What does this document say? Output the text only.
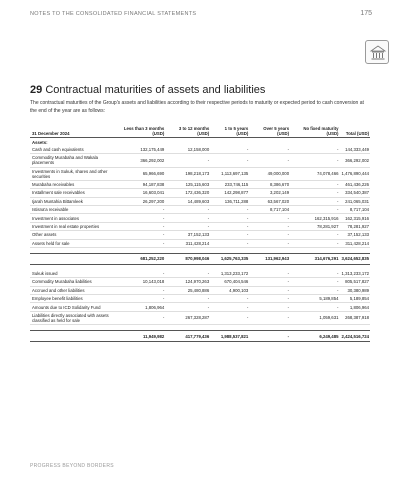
NOTES TO THE CONSOLIDATED FINANCIAL STATEMENTS	175
29 Contractual maturities of assets and liabilities
The contractual maturities of the Group's assets and liabilities according to their respective periods to maturity or expected period to cash conversion at the end of the year are as follows:
31 December 2024	Less than 3 months (USD)	3 to 12 months (USD)	1 to 5 years (USD)	Over 5 years (USD)	No fixed maturity (USD)	Total (USD)
Assets:						
Cash and cash equivalents	132,175,449	12,158,000	-	-	-	144,333,449
Commodity Murabaha and Wakala placements	366,292,002	-	-	-	-	366,292,002
Investments in Sukuk, shares and other securities	65,966,690	198,218,173	1,113,697,135	49,000,000	74,078,466	1,476,890,444
Murabaha receivables	94,187,838	125,115,603	233,746,115	8,386,670	-	461,436,226
Installment sale receivables	16,603,041	172,436,320	142,298,877	3,202,149	-	334,540,387
Ijarah Muntahia Bittamleek	26,297,200	14,489,603	136,711,288	63,567,020	-	241,065,031
Istisna'a receivable	-	-	-	8,717,104	-	8,717,104
Investment in associates	-	-	-	-	162,315,916	162,315,916
Investment in real estate properties	-	-	-	-	78,281,927	78,281,927
Other assets	-	37,152,133	-	-	-	37,152,133
Assets held for sale	-	311,428,214	-	-	-	311,428,214

	681,252,220	870,998,046	1,625,763,335	131,962,943	314,676,291	3,624,652,835

Sukuk issued	-	-	1,313,233,172	-	-	1,313,233,172
Commodity Murabaha liabilities	10,143,018	124,970,263	670,404,546	-	-	805,517,827
Accrued and other liabilities	-	25,480,886	4,900,103	-	-	30,380,989
Employee benefit liabilities	-	-	-	-	5,189,854	5,189,854
Amounts due to ICD Solidarity Fund	1,806,964	-	-	-	-	1,806,964
Liabilities directly associated with assets classified as held for sale	-	267,328,287	-	-	1,059,631	268,387,918

	11,949,982	417,779,436	1,988,537,821	-	6,249,485	2,424,516,724
PROGRESS BEYOND BORDERS
